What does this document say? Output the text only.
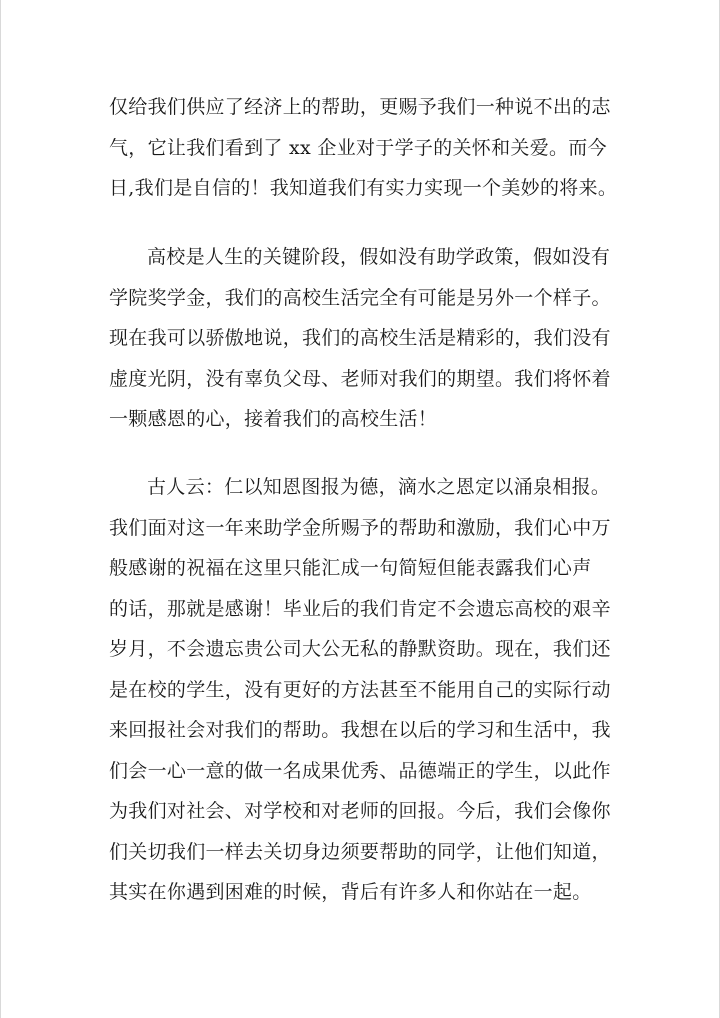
仅给我们供应了经济上的帮助，更赐予我们一种说不出的志
气，它让我们看到了 xx 企业对于学子的关怀和关爱。而今
日,我们是自信的！我知道我们有实力实现一个美妙的将来。
高校是人生的关键阶段，假如没有助学政策，假如没有
学院奖学金，我们的高校生活完全有可能是另外一个样子。
现在我可以骄傲地说，我们的高校生活是精彩的，我们没有
虚度光阴，没有辜负父母、老师对我们的期望。我们将怀着
一颗感恩的心，接着我们的高校生活！
古人云：仁以知恩图报为德，滴水之恩定以涌泉相报。
我们面对这一年来助学金所赐予的帮助和激励，我们心中万
般感谢的祝福在这里只能汇成一句简短但能表露我们心声
的话，那就是感谢！毕业后的我们肯定不会遗忘高校的艰辛
岁月，不会遗忘贵公司大公无私的静默资助。现在，我们还
是在校的学生，没有更好的方法甚至不能用自己的实际行动
来回报社会对我们的帮助。我想在以后的学习和生活中，我
们会一心一意的做一名成果优秀、品德端正的学生，以此作
为我们对社会、对学校和对老师的回报。今后，我们会像你
们关切我们一样去关切身边须要帮助的同学，让他们知道，
其实在你遇到困难的时候，背后有许多人和你站在一起。
